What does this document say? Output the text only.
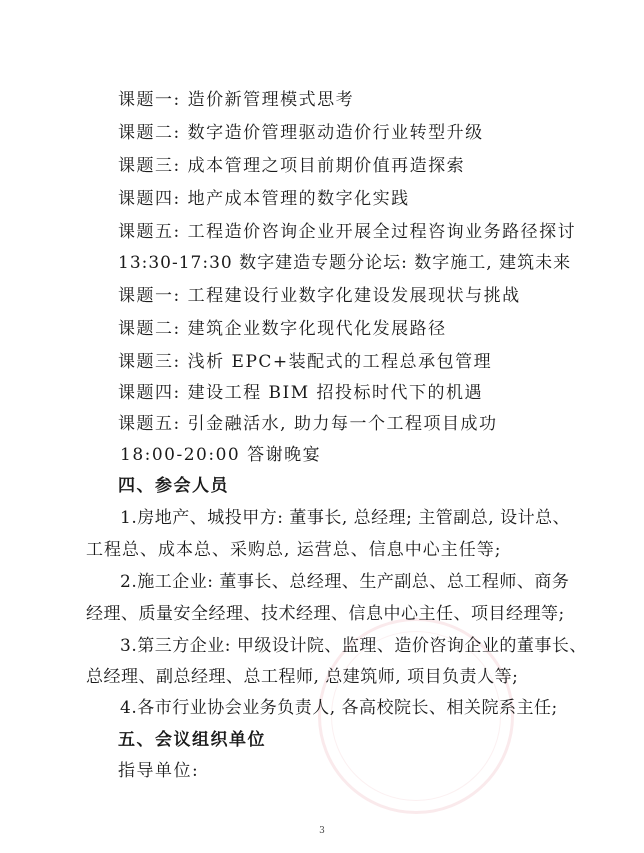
课题一: 造价新管理模式思考
课题二: 数字造价管理驱动造价行业转型升级
课题三: 成本管理之项目前期价值再造探索
课题四: 地产成本管理的数字化实践
课题五: 工程造价咨询企业开展全过程咨询业务路径探讨
13:30-17:30 数字建造专题分论坛: 数字施工, 建筑未来
课题一: 工程建设行业数字化建设发展现状与挑战
课题二: 建筑企业数字化现代化发展路径
课题三: 浅析 EPC+装配式的工程总承包管理
课题四: 建设工程 BIM 招投标时代下的机遇
课题五: 引金融活水, 助力每一个工程项目成功
18:00-20:00 答谢晚宴
四、参会人员
1.房地产、城投甲方: 董事长, 总经理; 主管副总, 设计总、
工程总、成本总、采购总, 运营总、信息中心主任等;
2.施工企业: 董事长、总经理、生产副总、总工程师、商务
经理、质量安全经理、技术经理、信息中心主任、项目经理等;
3.第三方企业: 甲级设计院、监理、造价咨询企业的董事长、
总经理、副总经理、总工程师, 总建筑师, 项目负责人等;
4.各市行业协会业务负责人, 各高校院长、相关院系主任;
五、会议组织单位
指导单位:
3
